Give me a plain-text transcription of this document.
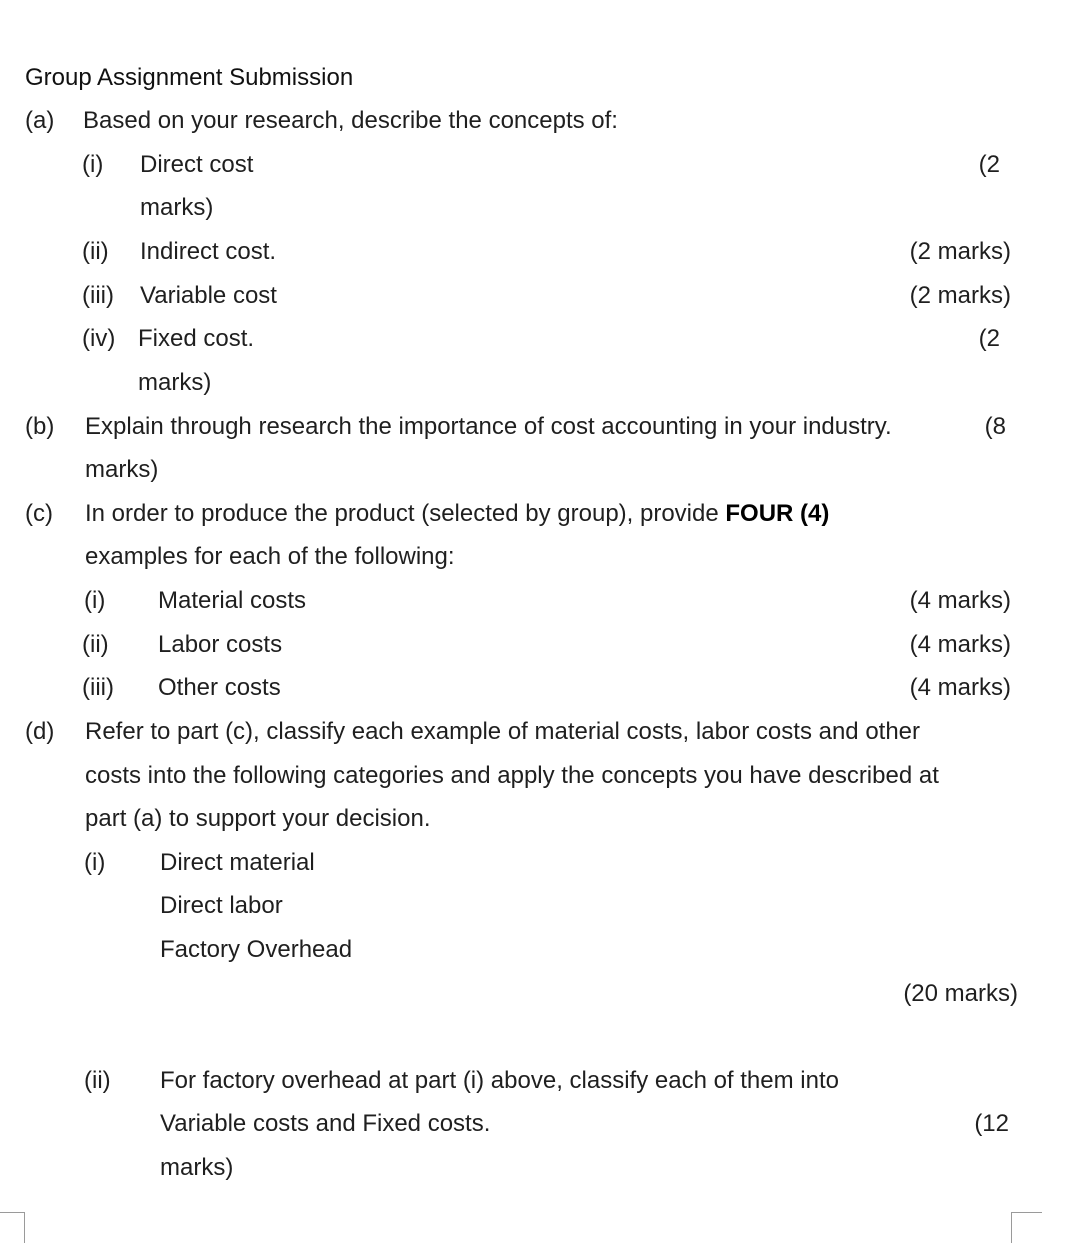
Group Assignment Submission
(a) Based on your research, describe the concepts of:
(i) Direct cost	(2
marks)
(ii) Indirect cost.	(2 marks)
(iii) Variable cost	(2 marks)
(iv) Fixed cost.	(2
marks)
(b) Explain through research the importance of cost accounting in your industry.	(8
marks)
(c) In order to produce the product (selected by group), provide FOUR (4)
examples for each of the following:
(i) Material costs	(4 marks)
(ii) Labor costs	(4 marks)
(iii) Other costs	(4 marks)
(d) Refer to part (c), classify each example of material costs, labor costs and other
costs into the following categories and apply the concepts you have described at
part (a) to support your decision.
(i) Direct material
Direct labor
Factory Overhead
(20 marks)
(ii) For factory overhead at part (i) above, classify each of them into
Variable costs and Fixed costs.	(12
marks)
